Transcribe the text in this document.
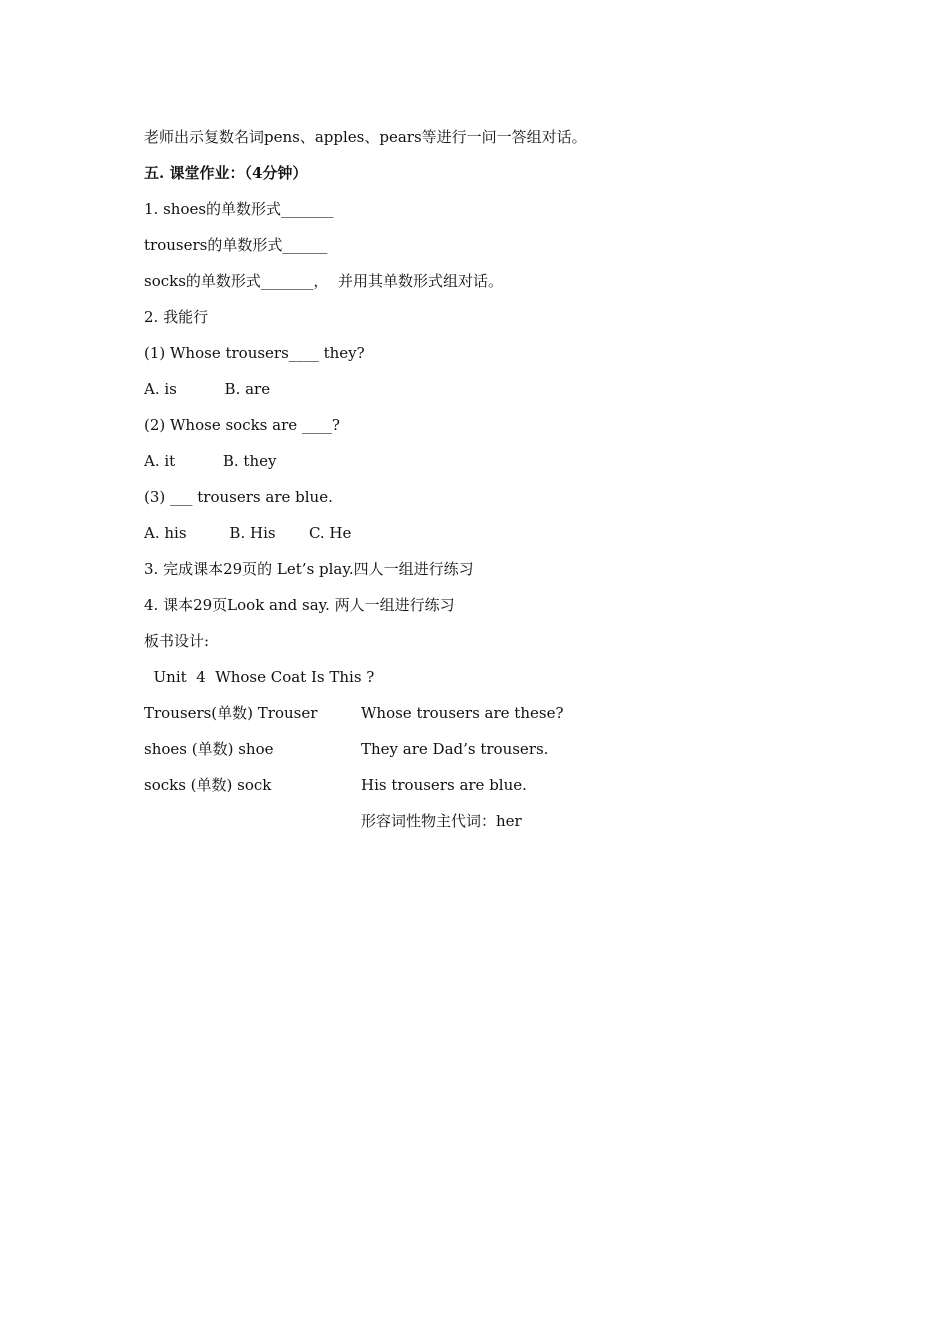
老师出示复数名词pens、apples、pears等进行一问一答组对话。
五. 课堂作业：（4分钟）
1. shoes的单数形式_______
trousers的单数形式______
socks的单数形式_______，  并用其单数形式组对话。
2. 我能行
(1) Whose trousers____ they?
A. is          B. are
(2) Whose socks are ____?
A. it          B. they
(3) ___ trousers are blue.
A. his         B. His       C. He
3. 完成课本29页的 Let’s play.四人一组进行练习
4. 课本29页Look and say. 两人一组进行练习
板书设计:
Unit  4  Whose Coat Is This ?
Trousers(单数) Trouser	Whose trousers are these?
shoes (单数) shoe	They are Dad’s trousers.
socks (单数) sock	His trousers are blue.
形容词性物主代词：her
